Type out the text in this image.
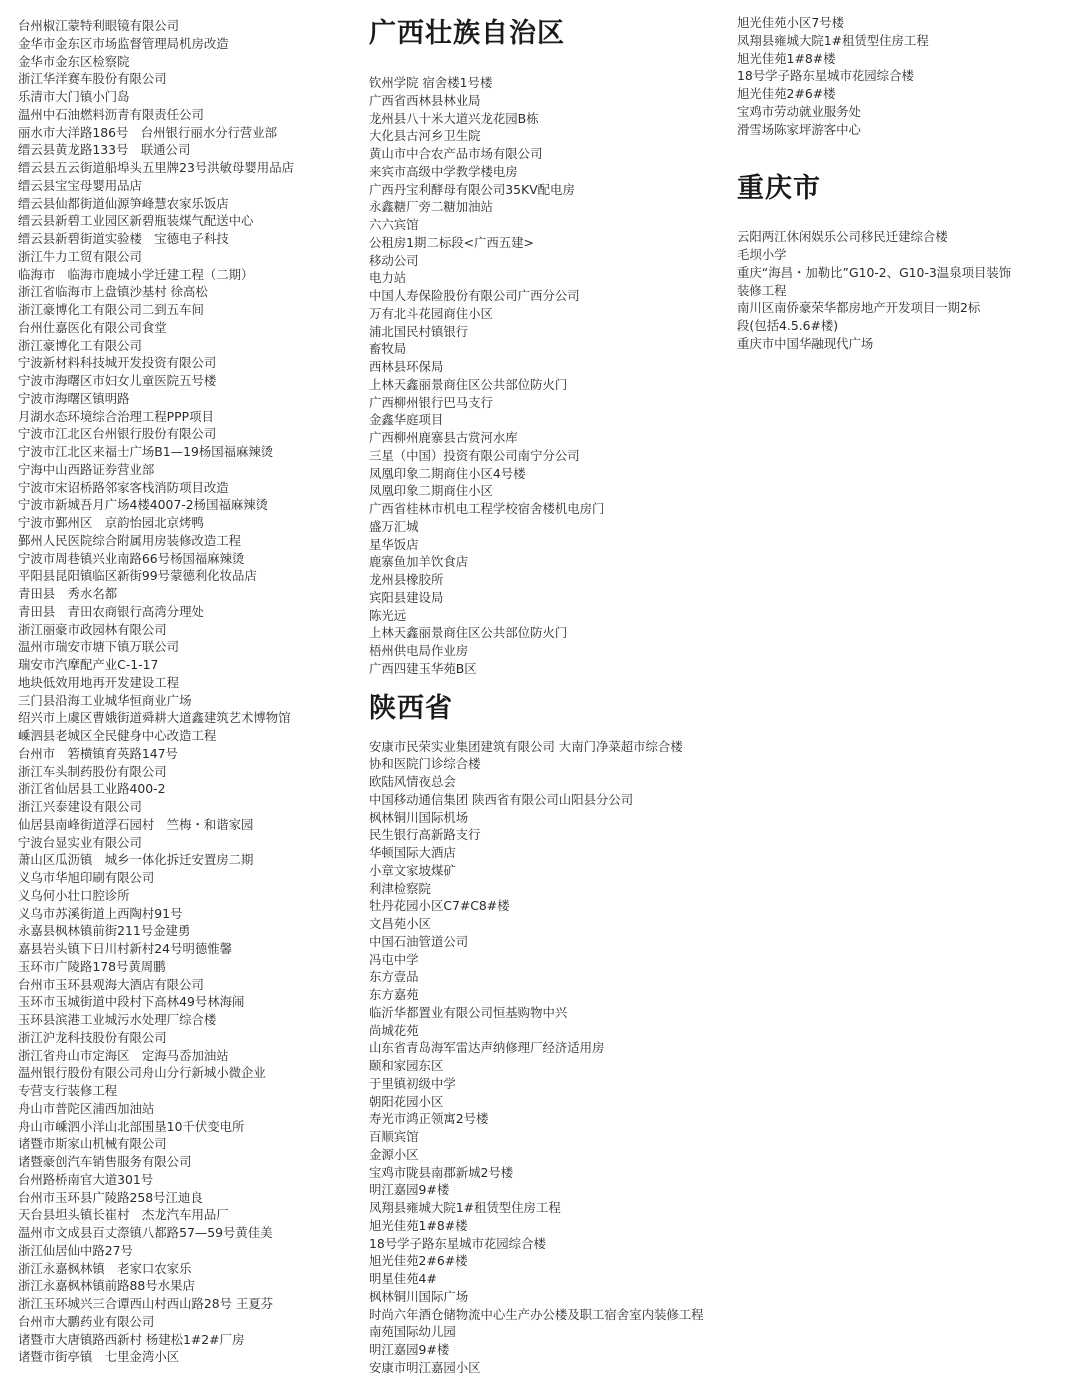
台州椒江蒙特利眼镜有限公司
金华市金东区市场监督管理局机房改造
金华市金东区检察院
浙江华洋赛车股份有限公司
乐清市大门镇小门岛
温州中石油燃料沥青有限责任公司
丽水市大洋路186号　台州银行丽水分行营业部
缙云县黄龙路133号　联通公司
缙云县五云街道船埠头五里牌23号洪敏母婴用品店
缙云县宝宝母婴用品店
缙云县仙都街道仙源笋峰慧农家乐饭店
缙云县新碧工业园区新碧瓶装煤气配送中心
缙云县新碧街道实验楼　宝德电子科技
浙江牛力工贸有限公司
临海市　临海市鹿城小学迁建工程（二期）
浙江省临海市上盘镇沙基村 徐高松
浙江豪博化工有限公司二到五车间
台州仕嘉医化有限公司食堂
浙江豪博化工有限公司
宁波新材料科技城开发投资有限公司
宁波市海曙区市妇女儿童医院五号楼
宁波市海曙区镇明路
月湖水态环境综合治理工程PPP项目
宁波市江北区台州银行股份有限公司
宁波市江北区来福士广场B1—19杨国福麻辣烫
宁海中山西路证券营业部
宁波市宋诏桥路邻家客栈消防项目改造
宁波市新城吾月广场4楼4007-2杨国福麻辣烫
宁波市鄞州区　京韵怡园北京烤鸭
鄞州人民医院综合附属用房装修改造工程
宁波市周巷镇兴业南路66号杨国福麻辣烫
平阳县昆阳镇临区新街99号蒙德利化妆品店
青田县　秀水名都
青田县　青田农商银行高湾分理处
浙江丽豪市政园林有限公司
温州市瑞安市塘下镇万联公司
瑞安市汽摩配产业C-1-17
地块低效用地再开发建设工程
三门县沿海工业城华恒商业广场
绍兴市上虞区曹娥街道舜耕大道鑫建筑艺术博物馆
嵊泗县老城区全民健身中心改造工程
台州市　箬横镇育英路147号
浙江车头制药股份有限公司
浙江省仙居县工业路400-2
浙江兴泰建设有限公司
仙居县南峰街道浮石园村　竺梅・和谐家园
宁波台显实业有限公司
萧山区瓜沥镇　城乡一体化拆迁安置房二期
义乌市华旭印刷有限公司
义乌何小壮口腔诊所
义乌市苏溪街道上西陶村91号
永嘉县枫林镇前街211号金建勇
嘉县岩头镇下日川村新村24号明德惟馨
玉环市广陵路178号黄周鹏
台州市玉环县观海大酒店有限公司
玉环市玉城街道中段村下高林49号林海闹
玉环县滨港工业城污水处理厂综合楼
浙江沪龙科技股份有限公司
浙江省舟山市定海区　定海马岙加油站
温州银行股份有限公司舟山分行新城小微企业
专营支行装修工程
舟山市普陀区浦西加油站
舟山市嵊泗小洋山北部围垦10千伏变电所
诸暨市斯家山机械有限公司
诸暨豪创汽车销售服务有限公司
台州路桥南官大道301号
台州市玉环县广陵路258号江迪良
天台县坦头镇长崔村　杰龙汽车用品厂
温州市文成县百丈漈镇八都路57—59号黄佳美
浙江仙居仙中路27号
浙江永嘉枫林镇　老家口农家乐
浙江永嘉枫林镇前路88号水果店
浙江玉环城兴三合谭西山村西山路28号 王夏芬
台州市大鹏药业有限公司
诸暨市大唐镇路西新村 杨建松1#2#厂房
诸暨市街亭镇　七里金湾小区
广西壮族自治区
钦州学院 宿舍楼1号楼
广西省西林县林业局
龙州县八十米大道兴龙花园B栋
大化县古河乡卫生院
黄山市中合农产品市场有限公司
来宾市高级中学教学楼电房
广西丹宝利酵母有限公司35KV配电房
永鑫糖厂旁二糖加油站
六六宾馆
公租房1期二标段<广西五建>
移动公司
电力站
中国人寿保险股份有限公司广西分公司
万有北斗花园商住小区
浦北国民村镇银行
畜牧局
西林县环保局
上林天鑫丽景商住区公共部位防火门
广西柳州银行巴马支行
金鑫华庭项目
广西柳州鹿寨县古赏河水库
三星（中国）投资有限公司南宁分公司
凤凰印象二期商住小区4号楼
凤凰印象二期商住小区
广西省桂林市机电工程学校宿舍楼机电房门
盛万汇城
星华饭店
鹿寨鱼加羊饮食店
龙州县橡胶所
宾阳县建设局
陈光远
上林天鑫丽景商住区公共部位防火门
梧州供电局作业房
广西四建玉华苑B区
陕西省
安康市民荣实业集团建筑有限公司 大南门净菜超市综合楼
协和医院门诊综合楼
欧陆风情夜总会
中国移动通信集团 陕西省有限公司山阳县分公司
枫林铜川国际机场
民生银行高新路支行
华顿国际大酒店
小章文家坡煤矿
利津检察院
牡丹花园小区C7#C8#楼
文昌苑小区
中国石油管道公司
冯屯中学
东方壹品
东方嘉苑
临沂华都置业有限公司恒基购物中兴
尚城花苑
山东省青岛海军雷达声纳修理厂经济适用房
颐和家园东区
于里镇初级中学
朝阳花园小区
寿光市鸿正领寓2号楼
百顺宾馆
金源小区
宝鸡市陇县南郡新城2号楼
明江嘉园9#楼
凤翔县雍城大院1#租赁型住房工程
旭光佳苑1#8#楼
18号学子路东星城市花园综合楼
旭光佳苑2#6#楼
明星佳苑4#
枫林铜川国际广场
时尚六年酒仓储物流中心生产办公楼及职工宿舍室内装修工程
南苑国际幼儿园
明江嘉园9#楼
安康市明江嘉园小区
旭光佳苑小区7号楼
凤翔县雍城大院1#租赁型住房工程
旭光佳苑1#8#楼
18号学子路东星城市花园综合楼
旭光佳苑2#6#楼
宝鸡市劳动就业服务处
滑雪场陈家坪游客中心
重庆市
云阳两江休闲娱乐公司移民迁建综合楼
毛坝小学
重庆“海昌・加勒比”G10-2、G10-3温泉项目装饰
装修工程
南川区南侨豪荣华都房地产开发项目一期2标
段(包括4.5.6#楼)
重庆市中国华融现代广场
